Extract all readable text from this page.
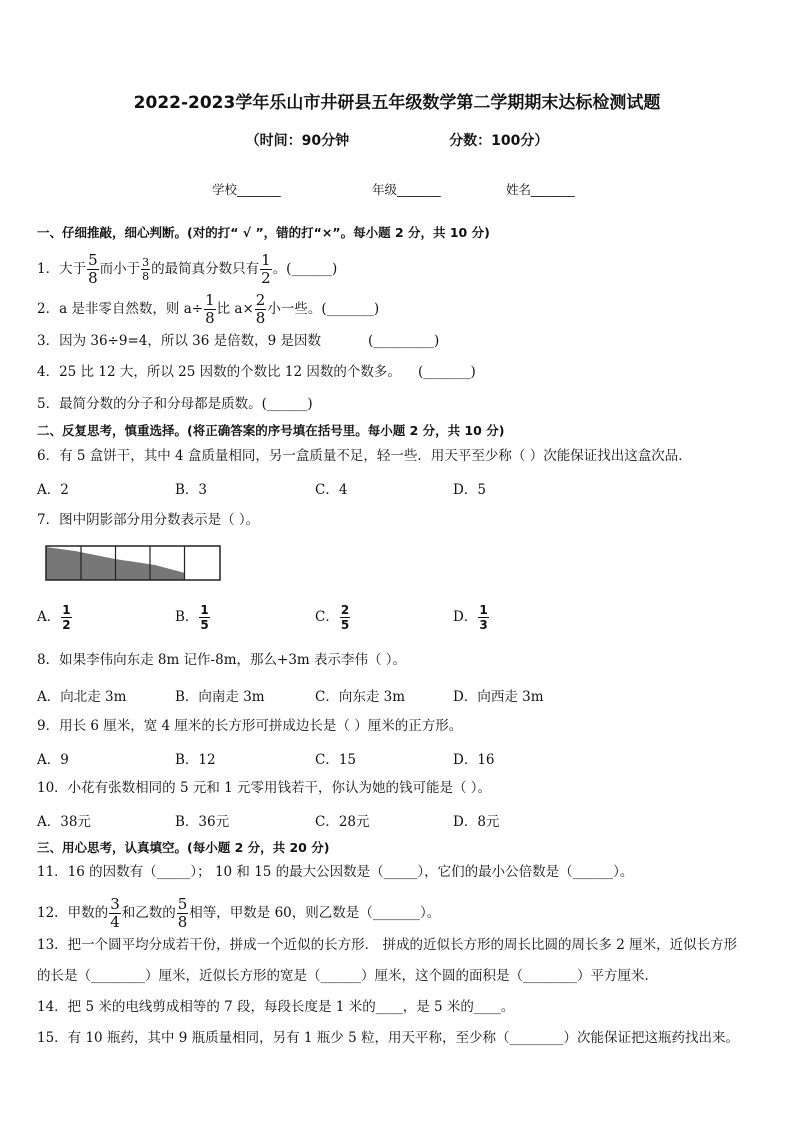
2022-2023学年乐山市井研县五年级数学第二学期期末达标检测试题
（时间：90分钟	分数：100分）
学校_______	年级_______	姓名_______
一、仔细推敲，细心判断。(对的打“ √ ”，错的打“×”。每小题 2 分，共 10 分)
1．大于 $\frac{5}{8}$ 而小于 $\frac{3}{8}$ 的最简真分数只有 $\frac{1}{2}$ 。(______)
2．a 是非零自然数，则 $a\div \frac{1}{8}$ 比 $a\times \frac{2}{8}$ 小一些。(_______)
3．因为 36÷9=4，所以 36 是倍数，9 是因数	(_________)
4．25 比 12 大，所以 25 因数的个数比 12 因数的个数多。 (_______)
5．最简分数的分子和分母都是质数。(______)
二、反复思考，慎重选择。(将正确答案的序号填在括号里。每小题 2 分，共 10 分)
6．有 5 盒饼干，其中 4 盒质量相同，另一盒质量不足，轻一些．用天平至少称（ ）次能保证找出这盒次品．
A．2	B．3	C．4	D．5
7．图中阴影部分用分数表示是（ ）。
A． $\frac{1}{2}$	B． $\frac{1}{5}$	C． $\frac{2}{5}$	D． $\frac{1}{3}$
8．如果李伟向东走 8m 记作-8m，那么+3m 表示李伟（ ）。
A．向北走 3m	B．向南走 3m	C．向东走 3m	D．向西走 3m
9．用长 6 厘米，宽 4 厘米的长方形可拼成边长是（ ）厘米的正方形。
A．9	B．12	C．15	D．16
10．小花有张数相同的 5 元和 1 元零用钱若干，你认为她的钱可能是（ ）。
A．38元	B．36元	C．28元	D．8元
三、用心思考，认真填空。(每小题 2 分，共 20 分)
11．16 的因数有（_____）； 10 和 15 的最大公因数是（_____），它们的最小公倍数是（______）。
12．甲数的 $\frac{3}{4}$ 和乙数的 $\frac{5}{8}$ 相等，甲数是 60，则乙数是（_______）。
13．把一个圆平均分成若干份，拼成一个近似的长方形． 拼成的近似长方形的周长比圆的周长多 2 厘米，近似长方形
的长是（________）厘米，近似长方形的宽是（______）厘米，这个圆的面积是（________）平方厘米．
14．把 5 米的电线剪成相等的 7 段，每段长度是 1 米的____，是 5 米的____。
15．有 10 瓶药，其中 9 瓶质量相同，另有 1 瓶少 5 粒，用天平称，至少称（________）次能保证把这瓶药找出来。
